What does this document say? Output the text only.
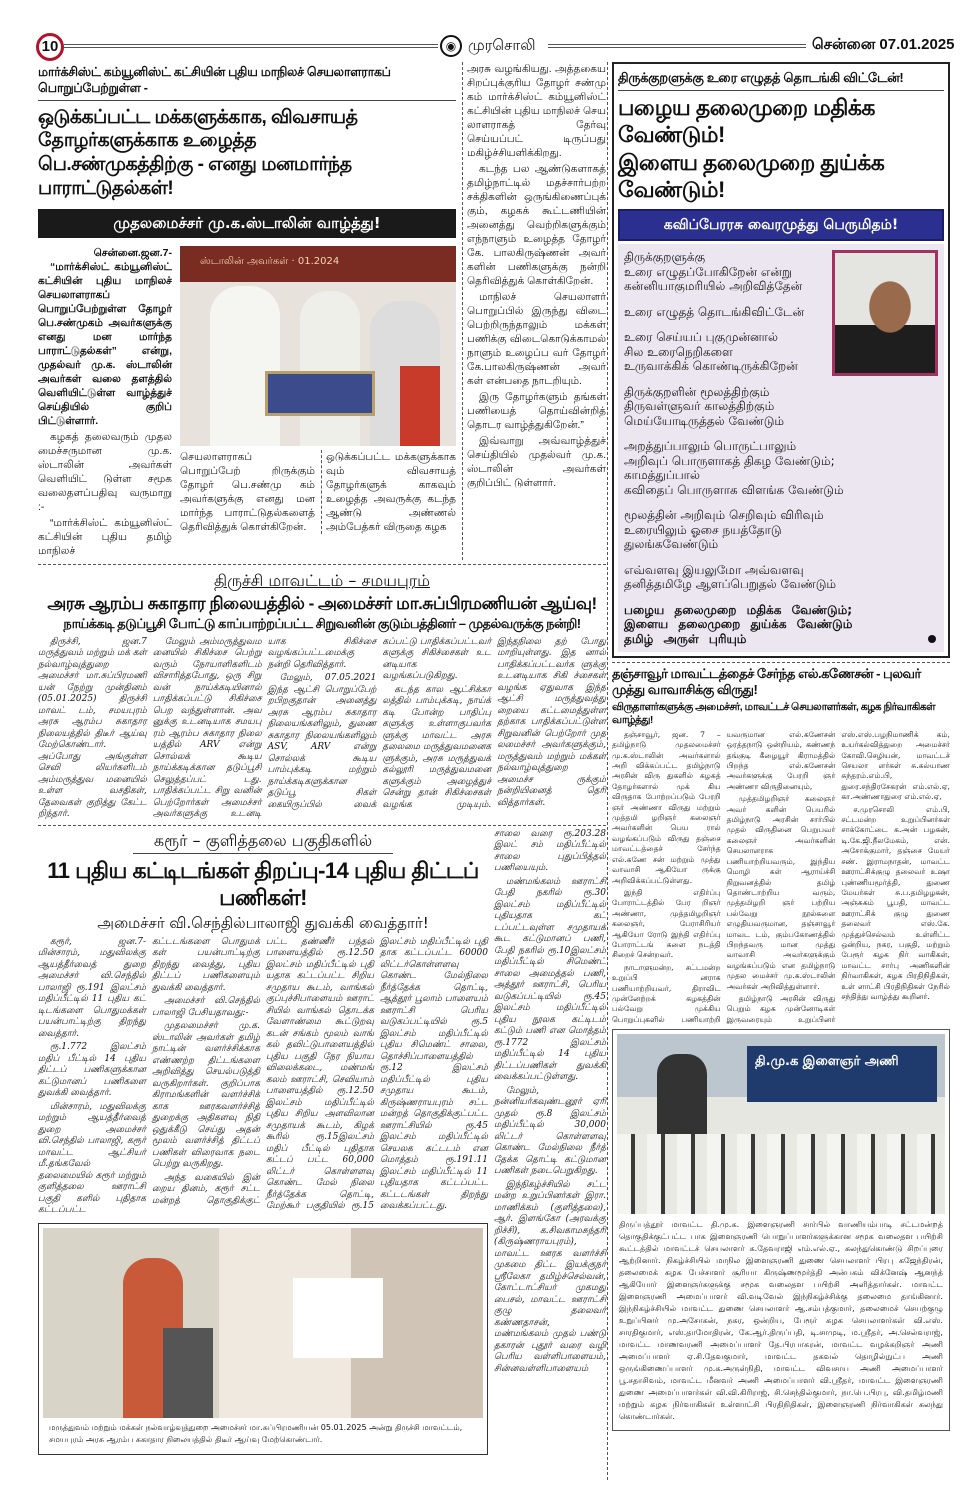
10	◉ முரசொலி	சென்னை 07.01.2025
மார்க்சிஸ்ட் கம்யூனிஸ்ட் கட்சியின் புதிய மாநிலச் செயலாளராகப் பொறுப்பேற்றுள்ள -
ஒடுக்கப்பட்ட மக்களுக்காக, விவசாயத் தோழர்களுக்காக உழைத்த
பெ.சண்முகத்திற்கு - எனது மனமார்ந்த பாராட்டுதல்கள்!
முதலமைச்சர் மு.க.ஸ்டாலின் வாழ்த்து!
சென்னை.ஜன.7-

“மார்க்சிஸ்ட் கம்யூனிஸ்ட் கட்சியின் புதிய மாநிலச் செயலாளராகப் பொறுப்பேற்றுள்ள தோழர் பெ.சண்முகம் அவர்களுக்கு எனது மன மார்ந்த பாராட்டுதல்கள்” என்று, முதல்வர் மு.க. ஸ்டாலின் அவர்கள் வலை தளத்தில் வெளியிட்டுள்ள வாழ்த்துச் செய்தியில் குறிப் பிட்டுள்ளார்.

கழகத் தலைவரும் முதல மைச்சருமான மு.க. ஸ்டாலின் அவர்கள் வெளியிட் டுள்ள சமூக வலைதளப்பதிவு வருமாறு :-

“மார்க்சிஸ்ட் கம்யூனிஸ்ட் கட்சியின் புதிய தமிழ் மாநிலச்

ஸ்டாலின் அவர்கள் · 01.2024
செயலாளராகப் பொறுப்பேற் றிருக்கும் தோழர் பெ.சண்மு கம் அவர்களுக்கு எனது மன மார்ந்த பாராட்டுதல்களைத் தெரிவித்துக் கொள்கிறேன்.
ஒடுக்கப்பட்ட மக்களுக்காக வும் விவசாயத் தோழர்களுக் காகவும் உழைத்த அவருக்கு கடந்த ஆண்டு அண்ணல் அம்பேத்கர் விருதை கழக

அரசு வழங்கியது. அத்தகைய சிறப்புக்குரிய தோழர் சண்மு கம் மார்க்சிஸ்ட் கம்யூனிஸ்ட் கட்சியின் புதிய மாநிலச் செய லாளராகத் தேர்வு செய்யப்பட் டிருப்பது மகிழ்ச்சியளிக்கிறது.

கடந்த பல ஆண்டுகளாகத் தமிழ்நாட்டில் மதச்சார்பற்ற சக்திகளின் ஒருங்கிணைப்புக் கும், கழகக் கூட்டணியின் அனைத்து வெற்றிகளுக்கும் எந்நாளும் உழைத்த தோழர் கே. பாலகிருஷ்ணன் அவர் களின் பணிகளுக்கு நன்றி தெரிவித்துக் கொள்கிறேன்.

மாநிலச் செயலாளர் பொறுப்பில் இருந்து விடை பெற்றிருந்தாலும் மக்கள் பணிக்கு விடைகொடுக்காமல் நாளும் உழைப்ப வர் தோழர் கே.பாலகிருஷ்ணன் அவர் கள் என்பதை நாடறியும்.

இரு தோழர்களும் தங்கள் பணியைத் தொய்வின்றித் தொடர வாழ்த்துகிறேன்.”

இவ்வாறு அவ்வாழ்த்துச் செய்தியில் முதல்வர் மு.க. ஸ்டாலின் அவர்கள் குறிப்பிட் டுள்ளார்.

திருச்சி மாவட்டம் – சமயபுரம்
அரசு ஆரம்ப சுகாதார நிலையத்தில் - அமைச்சர் மா.சுப்பிரமணியன் ஆய்வு!
நாய்க்கடி தடுப்பூசி போட்டு காப்பாற்றப்பட்ட சிறுவனின் குடும்பத்தினர் – முதல்வருக்கு நன்றி!

திருச்சி, ஜன.7 மருத்துவம் மற்றும் மக் கள் நல்வாழ்வுத்துறை அமைச்சர் மா.சுப்பிரமணி யன் நேற்று முன்தினம் (05.01.2025) திருச்சி மாவட் டம், சமயபுரம் அரசு ஆரம்ப சுகாதார நிலையத்தில் திடீர் ஆய்வு மேற்கொண்டார். அப்போது அங்குள்ள செவி லியர்களிடம் அம்மருத்துவ மனையில் உள்ள வசதிகள், தேவைகள் குறித்து கேட்ட றிந்தார்.

மேலும் அம்மருத்துவம னையில் சிகிச்சை பெற்று வரும் நோயாளிகளிடம் விசாரித்தபோது, ஒரு சிறு வன் நாய்க்கடியினால் பாதிக்கப்பட்டு சிகிச்சை பெற வந்துள்ளான். அவ னுக்கு உடனடியாக சமயபு ரம் ஆரம்ப சுகாதார நிலை யத்தில் ARV என்று சொல்லக் கூடிய நாய்க்கடிக்கான தடுப்பூசி செலுத்தப்பட் டது. பாதிக்கப்பட்ட சிறு வனின் பெற்றோர்கள் அமைச்சர் அவர்களுக்கு உடனடி யாக சிகிச்சை வழங்கப்பட்டமைக்கு நன்றி தெரிவித்தார்.

மேலும், 07.05.2021 இந்த ஆட்சி பொறுப்பேற் றபிறகுதான் அனைத்து அரசு ஆரம்ப சுகாதார நிலையங்களிலும், துணை சுகாதார நிலையங்களிலும் ASV, ARV என்று சொல்லக் கூடிய பாம்புக்கடி மற்றும் நாய்க்கடிகளுக்கான தடுப்பூ சிகள் கையிருப்பில் வைக் கப்பட்டு பாதிக்கப்பட்டவர் களுக்கு சிகிச்சைகள் உட னடியாக வழங்கப்படுகிறது.

கடந்த கால ஆட்சிக்கா லத்தில் பாம்புக்கடி, நாய்க் கடி போன்ற பாதிப்பு களுக்கு உள்ளாகுபவர்க ளுக்கு மாவட்ட அரசு தலைமை மருத்துவமனைக ளுக்கும், அரசு மருத்துவக் கல்லூரி மருத்துவமனை களுக்கும் அழைத்துச் சென்று தான் சிகிச்சைகள் வழங்க முடியும். இந்தநிலை தற் போது மாறியுள்ளது. இத னால் பாதிக்கப்பட்டவர்க ளுக்கு உடனடியாக சிகி ச்சைகள் வழங்க ஏதுவாக இந்த ஆட்சி மருத்துவத்து றையை கட்டமைத்துள்ள தற்காக பாதிக்கப்பட்டுள்ள சிறுவனின் பெற்றோர் முத லமைச்சர் அவர்களுக்கும், மருத்துவம் மற்றும் மக்கள் நல்வாழ்வுத்துறை அமைச்ச ருக்கும் நன்றியினைத் தெரி வித்தார்கள்.

கரூர் – குளித்தலை பகுதிகளில்
11 புதிய கட்டிடங்கள் திறப்பு-14 புதிய திட்டப் பணிகள்!
அமைச்சர் வி.செந்தில்பாலாஜி துவக்கி வைத்தார்!

கரூர், ஜன.7- மின்சாரம், மதுவிலக்கு ஆயத்தீர்வைத் துறை அமைச்சர் வி.செந்தில் பாலாஜி ரூ.191 இலட்சம் மதிப்பீட்டில் 11 புதிய கட் டிடங்களை பொதுமக்கள் பயன்பாட்டிற்கு திறந்து வைத்தார்.

ரூ.1.772 இலட்சம் மதிப் பீட்டில் 14 புதிய திட்டப் பணிகளுக்கான கட்டுமானப் பணிகளை துவக்கி வைத்தார்.

மின்சாரம், மதுவிலக்கு மற்றும் ஆயத்தீர்வைத் துறை அமைச்சர் வி.செந்தில் பாலாஜி, கரூர் மாவட்ட ஆட்சியர் மீ.தங்கவேல் தலைமையில் கரூர் மற்றும் குளித்தலை ஊராட்சி பகுதி களில் புதிதாக கட்டப்பட்ட கட்டடங்களை பொதுமக் கள் பயன்பாட்டிற்கு திறந்து வைத்து, புதிய திட்டப் பணிகளையும் துவக்கி வைத்தார்.

அமைச்சர் வி.செந்தில் பாலாஜி பேசியதாவது:-

முதலமைச்சர் மு.க. ஸ்டாலின் அவர்கள் தமிழ் நாட்டின் வளர்ச்சிக்காக எண்ணற்ற திட்டங்களை அறிவித்து செயல்படுத்தி வருகிறார்கள். குறிப்பாக கிராமங்களின் வளர்ச்சிக் காக ஊரகவளர்ச்சித் துறைக்கு அதிகளவு நிதி ஒதுக்கீடு செய்து அதன் மூலம் வளர்ச்சித் திட்டப் பணிகள் விரைவாக நடை பெற்று வருகிறது.

அந்த வகையில் இன் றைய தினம், கரூர் சட்ட மன்றத் தொகுதிக்குட் பட்ட தண்ணீர் பந்தல் பாளையத்தில் ரூ.12.50 இலட்சம் மதிப்பீட்டில் புதி யதாக கட்டப்பட்ட சிறிய சமுதாய கூடம், வாங்கல் குப்புச்சிபாளையம் ஊராட் சியில் வாங்கல் தொடக்க வேளாண்மை கூட்டுறவு கடன் சங்கம் மூலம் வாங் கல் தவிட்டுபாளையத்தில் புதிய பகுதி நேர நியாய விலைக்கடை, மண்மங் கலம் ஊராட்சி, செவியாம் பாளையத்தில் ரூ.12.50 இலட்சம் மதிப்பீட்டில் புதிய சிறிய அளவிலான சமுதாயக் கூடம், கிழக் கூரில் ரூ.15இலட்சம் மதிப் பீட்டில் புதிதாக கட்டப் பட்ட 60,000 லிட்டர் கொள்ளளவு கொண்ட மேல் நிலை நீர்த்தேக்க தொட்டி, மேற்கூர் பகுதியில் ரூ.15 இலட்சம் மதிப்பீட்டில் புதி தாக கட்டப்பட்ட 60000 லிட்டர்கொள்ளளவு கொண்ட மேல்நிலை நீர்த்தேக்க தொட்டி, ஆத்தூர் பூலாம் பாளையம் ஊராட்சி பெரிய வடுகப்பட்டியில் ரூ.5 இலட்சம் மதிப்பீட்டில் புதிய சிமெண்ட் சாலை, தொச்சிப்பாளையத்தில் ரூ.12 இலட்சம் மதிப்பீட்டில் புதிய சமுதாய கூடம், கிருஷ்ணராயபுரம் சட்ட மன்றத் தொகுதிக்குட்பட்ட ஊராட்சியில் ரூ.45 இலட்சம் மதிப்பீட்டில் செயலக கட்டடம் என மொத்தம் ரூ.191.11 இலட்சம் மதிப்பீட்டில் 11 புதியதாக கட்டப்பட்ட கட்டடங்கள் திறந்து வைக்கப்பட்டது.

மருத்துவம் மற்றும் மக்கள் நல்வாழ்வுத்துறை அமைச்சர் மா.சுப்பிரமணியன் 05.01.2025 அன்று திருச்சி மாவட்டம், சமயபுரம் அரசு ஆரம்ப சுகாதார நிலையத்தில் திடீர் ஆய்வு மேற்கொண்டார்.

சாலை வரை ரூ.203.28 இலட் சம் மதிப்பீட்டில் சாலை புதுப்பித்தல் பணியையும்.

மண்மங்கலம் ஊராட்சி பேதி நகரில் ரூ.30 இலட்சம் மதிப்பீட்டில் புதியதாக கட் டப்பட்டவுள்ள சமுதாயக் கூட கட்டுமானப் பணி, பேதி நகரில் ரூ.10இலட்சம் மதிப்பீட்டில் சிமெண்ட் சாலை அமைத்தல் பணி, அத்தூர் ஊராட்சி, பெரிய வடுகப்பட்டியில் ரூ.45 இலட்சம் மதிப்பீட்டில் புதிய நூலக கட்டிடம் கட்டும் பணி என மொத்தம் ரூ.1772 இலட்சம் மதிப்பீட்டில் 14 புதிய திட்டப்பணிகள் துவக்கி வைக்கப்பட்டுள்ளது.

மேலும், நன்னியர்கவுண்டனூர் ஏரி முதல் ரூ.8 இலட்சம் மதிப்பீட்டில் 30,000 லிட்டர் கொள்ளளவு கொண்ட மேல்நிலை நீர்த் தேக்க தொட்டி கட்டுமான பணிகள் நடைபெறுகிறது.

இந்நிகழ்ச்சியில் சட்ட மன்ற உறுப்பினர்கள் இரா. மாணிக்கம் (குளித்தலை), ஆர். இளங்கோ (அரவக்கு றிச்சி), க.சிவகாமசுந்தரி (கிருஷ்ணராயபுரம்), மாவட்ட ஊரக வளர்ச்சி முகமை திட்ட இயக்குநர் ஸ்ரீலேகா தமிழ்ச்செல்வன், கோட்டாட்சியர் முகமது பைசல், மாவட்ட ஊராட்சி குழு தலைவர் கண்ணதாசன், மண்மங்கலம் முதல் பண்டு தகாரன் புதூர் வரை வழி பெரிய வள்ளிபாளையம், சின்னவள்ளிபாளையம்

திருக்குறளுக்கு உரை எழுதத் தொடங்கி விட்டேன்!
பழைய தலைமுறை மதிக்க வேண்டும்!
இளைய தலைமுறை துய்க்க வேண்டும்!
கவிப்பேரரசு வைரமுத்து பெருமிதம்!
திருக்குறளுக்கு
உரை எழுதப்போகிறேன் என்று
கன்னியாகுமரியில் அறிவித்தேன்
உரை எழுதத் தொடங்கிவிட்டேன்
உரை செய்யப் புகுமுன்னால்
சில உரைநெறிகளை
உருவாக்கிக் கொண்டிருக்கிறேன்
திருக்குறளின் மூலத்திற்கும்
திருவள்ளுவர் காலத்திற்கும்
மெய்யோடிருத்தல் வேண்டும்
அறத்துப்பாலும் பொருட்பாலும்
அறிவுப் பொருளாகத் திகழ வேண்டும்;
காமத்துப்பால்
கவிதைப் பொருளாக விளங்க வேண்டும்
மூலத்தின் அறிவும் செறிவும் விரிவும்
உரையிலும் ஓசை நயத்தோடு
துலங்கவேண்டும்
எவ்வளவு இயலுமோ அவ்வளவு
தனித்தமிழே ஆளப்பெறுதல் வேண்டும்
பழைய தலைமுறை மதிக்க வேண்டும்;
இளைய தலைமுறை துய்க்க வேண்டும்
தமிழ் அருள் புரியும்
தஞ்சாவூர் மாவட்டத்தைச் சேர்ந்த எல்.கணேசன் - புலவர் முத்து வாவாசிக்கு விருது!
விருதாளர்களுக்கு அமைச்சர், மாவட்டச் செயலாளர்கள், கழக நிர்வாகிகள் வாழ்த்து!

தஞ்சாவூர், ஜன. 7 – தமிழ்நாடு முதலமைச்சர் மு.க.ஸ்டாலின் அவர்களால் அறி விக்கப்பட்ட தமிழ்நாடு அரசின் விரு துகளில் கழகத் தோழர்களால் முக் கிய விருதாக போற்றப்படும் பேரறி ஞர் அண்ணா விருது மற்றும் முத்தமி ழறிஞர் கலைஞர் அவர்களின் பெய ரால் வழங்கப்படும் விருது தஞ்சை மாவட்டத்தைச் சேர்ந்த எல்.கணே சன் மற்றும் முத்து வாவாசி ஆகியோ ருக்கு அறிவிக்கப்பட்டுள்ளது.

இந்தி எதிர்ப்பு போராட்டத்தில் பேர றிஞர் அண்ணா, முத்தமிழறிஞர் கலைஞர், பேராசிரியர் ஆகியோ ரோடு இந்தி எதிர்ப்பு போராட்டங் களை நடத்தி சிறைச் சென்றவர்.

நாடாளுமன்ற, சட்டமன்ற உறுப்பி னராக பணியாற்றியவர், திராவிட முன்னேற்றக் கழகத்தின் பல்வேறு முக்கிய பொறுப்புகளில் பணியாற்றி யவருமான எல்.கணேசன் ஒரத்தநாடு ஒன்றியம், கண்ணந் தங்குடி கீழையூர் கிராமத்தில் பிறந்த எல்.கணேசன் அவர்களுக்கு பேரறி ஞர் அண்ணா விருதினையும்,

முத்தமிழறிஞர் கலைஞர் அவர் களின் பெயரில் தமிழ்நாடு அரசின் சார்பில் முதல் விருதினை பெறுபவர் கலைஞர் அவர்களின் செயலாளராக பணியாற்றியவரும், இந்திய மொழி கள் ஆராய்ச்சி நிறுவனத்தில் தமிழ் தொண்டாற்றிய வரும், முத்தமிழறி ஞர் பற்றிய பல்வேறு நூல்களை எழுதியவருமான, தஞ்சாவூர் மாவட டம், கும்பகோணத்தில் பிறந்தவரு மான முத்து வாவாசி அவர்களுக்கும் வழங்கப்படும் என தமிழ்நாடு முதல மைச்சர் மு.க.ஸ்டாலின் அவர்கள் அறிவித்துள்ளார்.

தமிழ்நாடு அரசின் விருது பெறும் கழக முன்னோடிகள் இருவரையும் உறுப்பினர் எஸ்.எஸ்.பழநிமாணிக் கம், உயர்கல்வித்துறை அமைச்சர் கோவி.செழியன், மாவட்டச் செயலா ளர்கள் சு.கல்யாண சுந்தரம்.எம்.பி, துரை.சந்திரசேகரன் எம்.எல்.ஏ, கா.அண்ணாதுரை எம்.எல்.ஏ,

ச.முரசொலி எம்.பி, சட்டமன்ற உறுப்பினர்கள் சாக்கோட்டை க.அன் பழகன், டி.கே.ஜி.நீலமேகம், என். அசோக்குமார், தஞ்சை மேயர் சண். இராமநாதன், மாவட்ட ஊராட்சிக்குழு தலைவர் உஷா புண்ணியமூர்த்தி, துணை மேயர்கள் சு.ப.தமிழழகன், அஞ்சுகம் பூபதி, மாவட்ட ஊராட்சிக் குழு துணை தலைவர் எஸ்.கே. முத்துச்செல்வம் உள்ளிட்ட ஒன்றிய, நகர, பகுதி, மற்றும் பேரூர் கழக நிர் வாகிகள், மாவட்ட சார்பு அணிகளின் நிர்வாகிகள், கழக பிரதிநிதிகள், உள் ளாட்சி பிரதிநிதிகள் நேரில் சந்தித்து வாழ்த்து கூறினர்.

தி.மு.க இளைஞர் அணி
திருப்பத்தூர் மாவட்ட தி.மு.க. இளைஞரணி சார்பில் வாணியம்பாடி சட்டமன்றத் தொகுதிக்குட்பட்ட பாக இளைஞரணி பொறுப்பாளர்களுக்கான சமூக வலைதள பயிற்சி கூட்டத்தில் மாவட்டச் செயலாளர் க.தேவராஜி எம்.எல்.ஏ., கலந்துகொண்டு சிறப்புரை ஆற்றினார். நிகழ்ச்சியில் மாநில இளைஞரணி துணை செயலாளர் பிரபு கஜேந்திரன், தலைமைக் கழக பேச்சாளர் சூரியா கிருஷ்ணமூர்த்தி அன்பகம் விக்னேஷ் ஆனந்த் ஆகியோர் இளைஞர்களுக்கு சமூக வலைதள பயிற்சி அளித்தார்கள். மாவட்ட இளைஞரணி அமைப்பாளர் வி.வடிவேல் இந்நிகழ்ச்சிக்கு தலைமை தாங்கினார். இந்நிகழ்ச்சியில் மாவட்ட துணை செயலாளர் ஆ.சம்பத்குமார், தலைமைச் செயற்குழு உறுப்பினர் மு.அசோகன், நகர, ஒன்றிய, பேரூர் கழக செயலாளர்கள் வி.எஸ். சாரதிகுமார், எஸ்.தாமோதிரன், கே.ஆர்.திருப்பதி, டி.சாமுடி, ம.ஸ்ரீதர், அ.செல்வராஜ், மாவட்ட மாணவரணி அமைப்பாளர் தே.பிரபாகரன், மாவட்ட வழக்கறிஞர் அணி அமைப்பாளர் ஏ.சி.தேவகுமார், மாவட்ட தகவல் தொழில்நுட்ப அணி ஒருங்கிணைப்பாளர் மு.க.அருள்நிதி, மாவட்ட விவசாய அணி அமைப்பாளர் பூ.சதாசிவம், மாவட்ட மீனவர் அணி அமைப்பாளர் வி.ஸ்ரீதர், மாவட்ட இளைஞரணி துணை அமைப்பாளர்கள் வி.வி.கிரிராஜ், சி.செந்தில்குமார், நா.பெ.பிரபு, வி.தமிழ்மணி மற்றும் கழக நிர்வாகிகள் உள்ளாட்சி பிரதிநிதிகள், இளைஞரணி நிர்வாகிகள் கலந்து கொண்டார்கள்.
